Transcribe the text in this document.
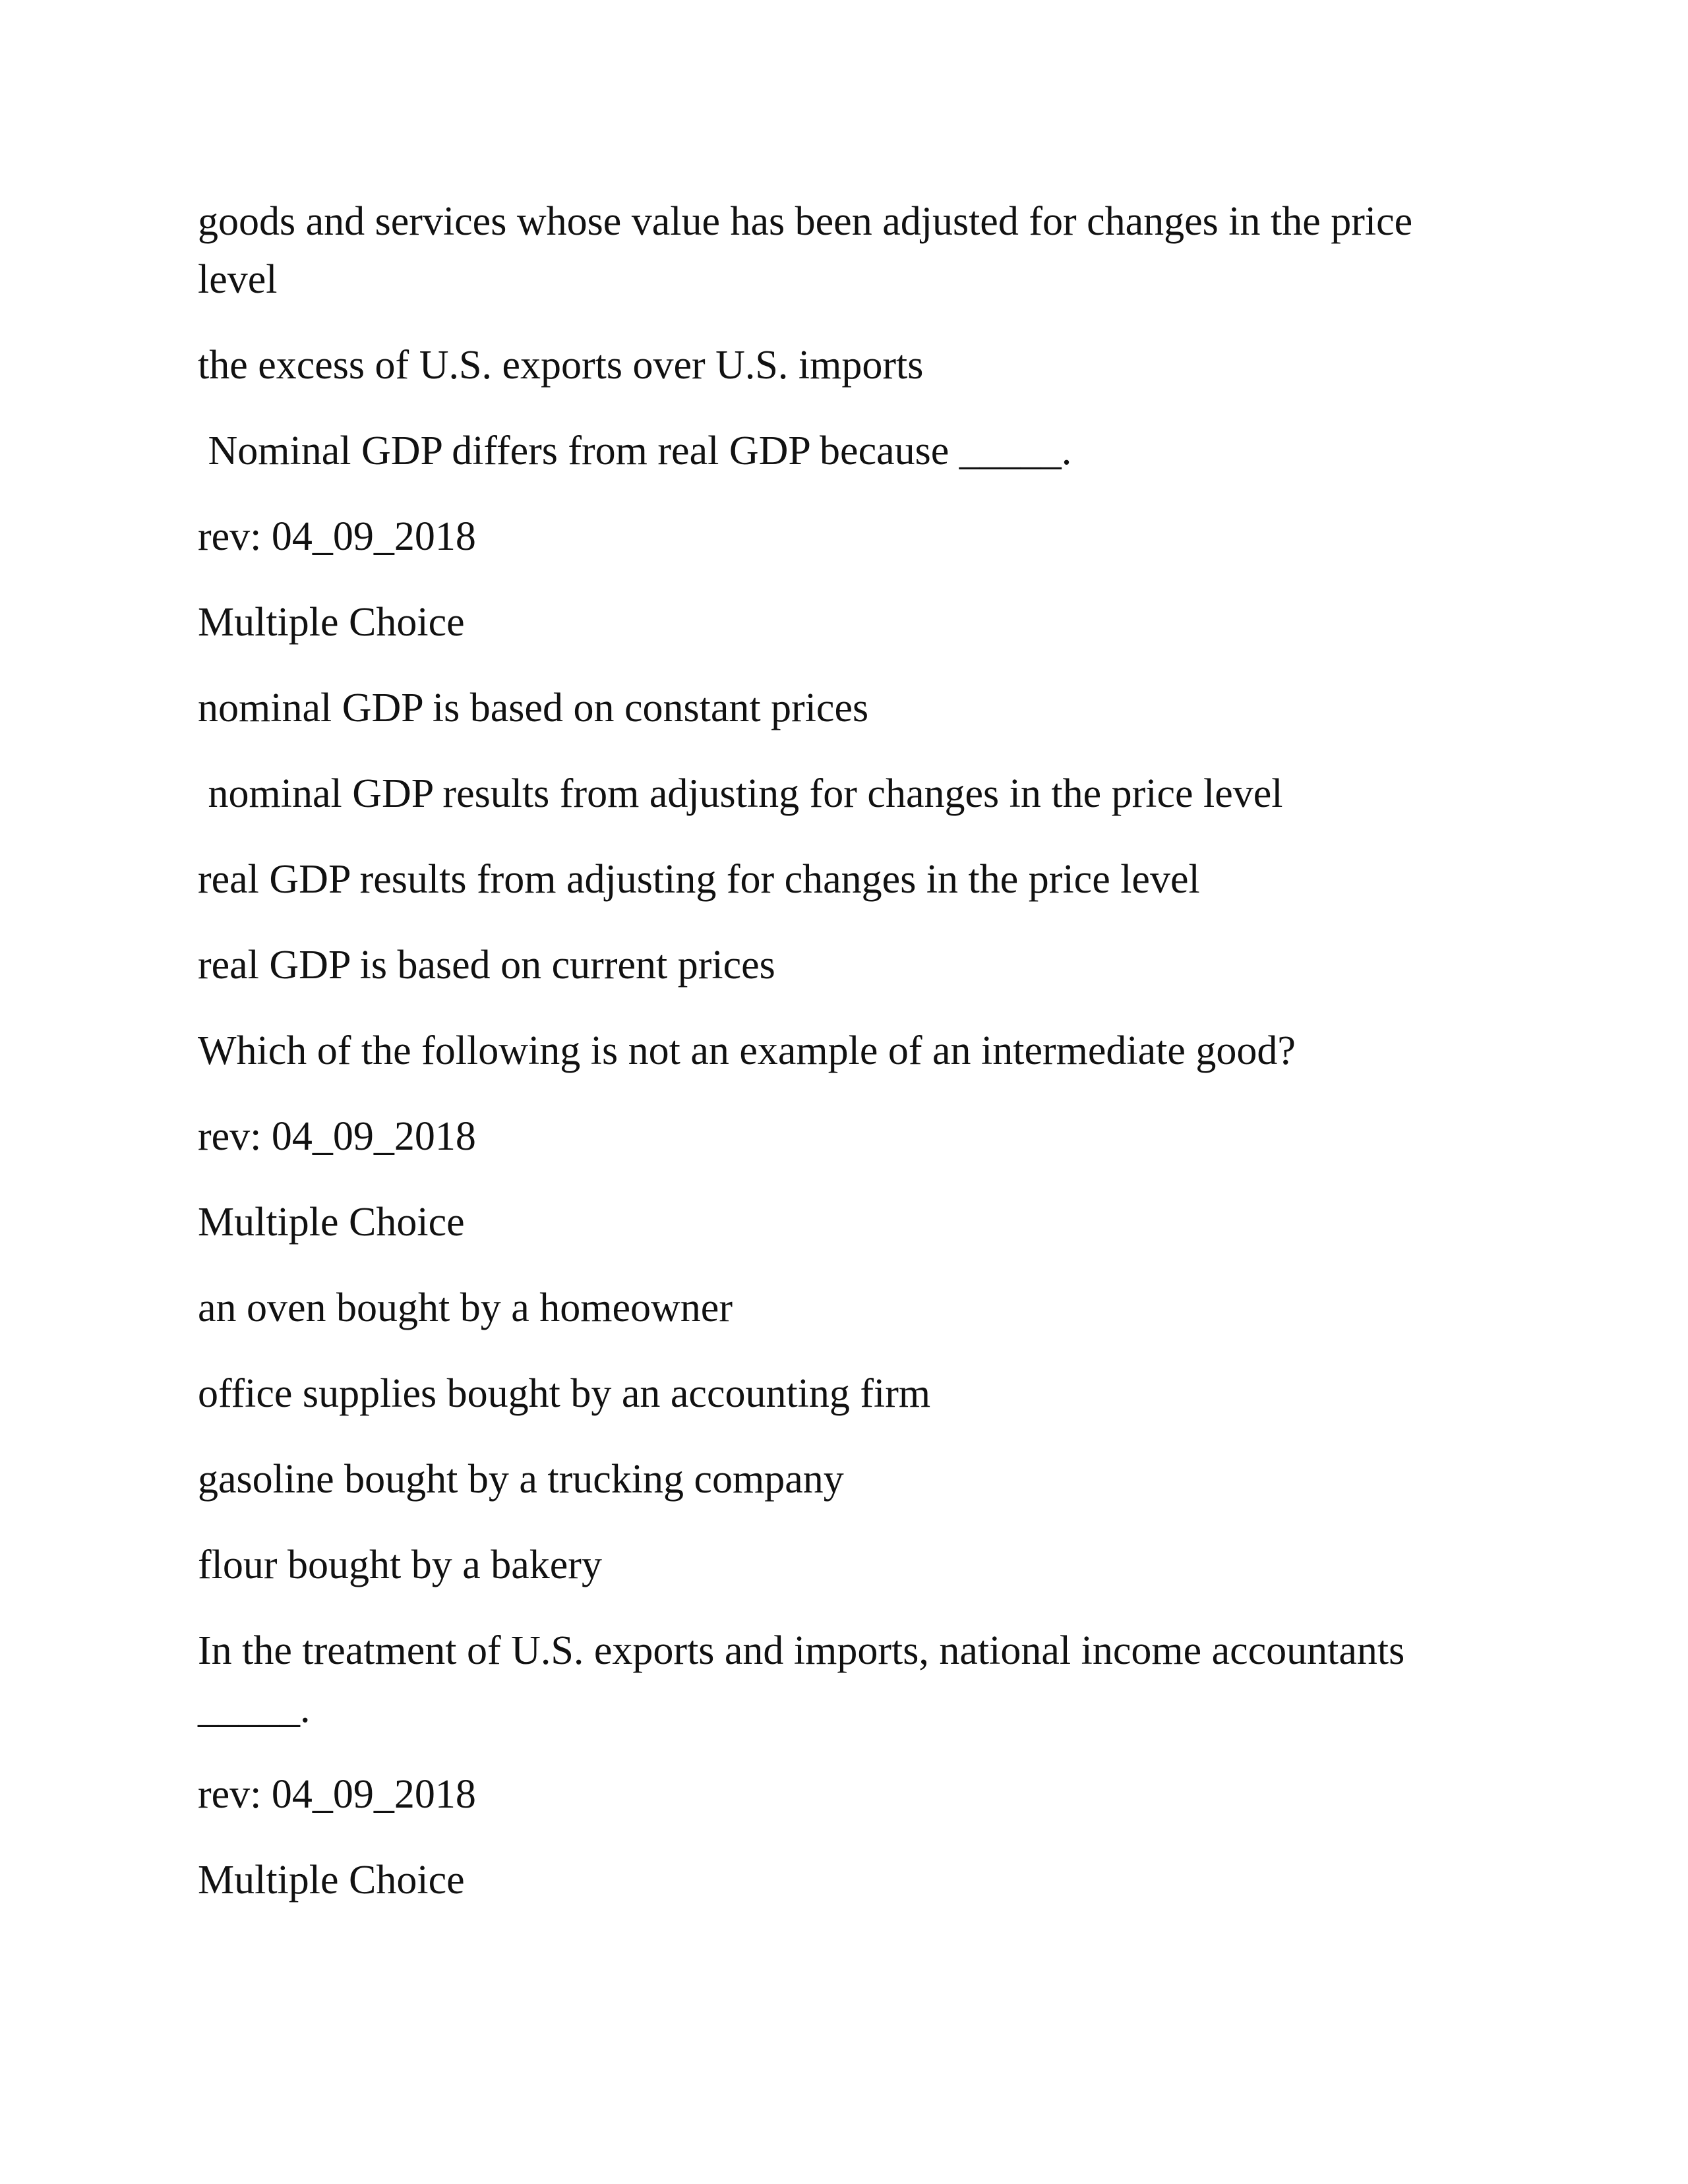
goods and services whose value has been adjusted for changes in the price level

the excess of U.S. exports over U.S. imports

Nominal GDP differs from real GDP because _____.

rev: 04_09_2018

Multiple Choice

nominal GDP is based on constant prices

nominal GDP results from adjusting for changes in the price level

real GDP results from adjusting for changes in the price level

real GDP is based on current prices

Which of the following is not an example of an intermediate good?

rev: 04_09_2018

Multiple Choice

an oven bought by a homeowner

office supplies bought by an accounting firm

gasoline bought by a trucking company

flour bought by a bakery

In the treatment of U.S. exports and imports, national income accountants _____.

rev: 04_09_2018

Multiple Choice
